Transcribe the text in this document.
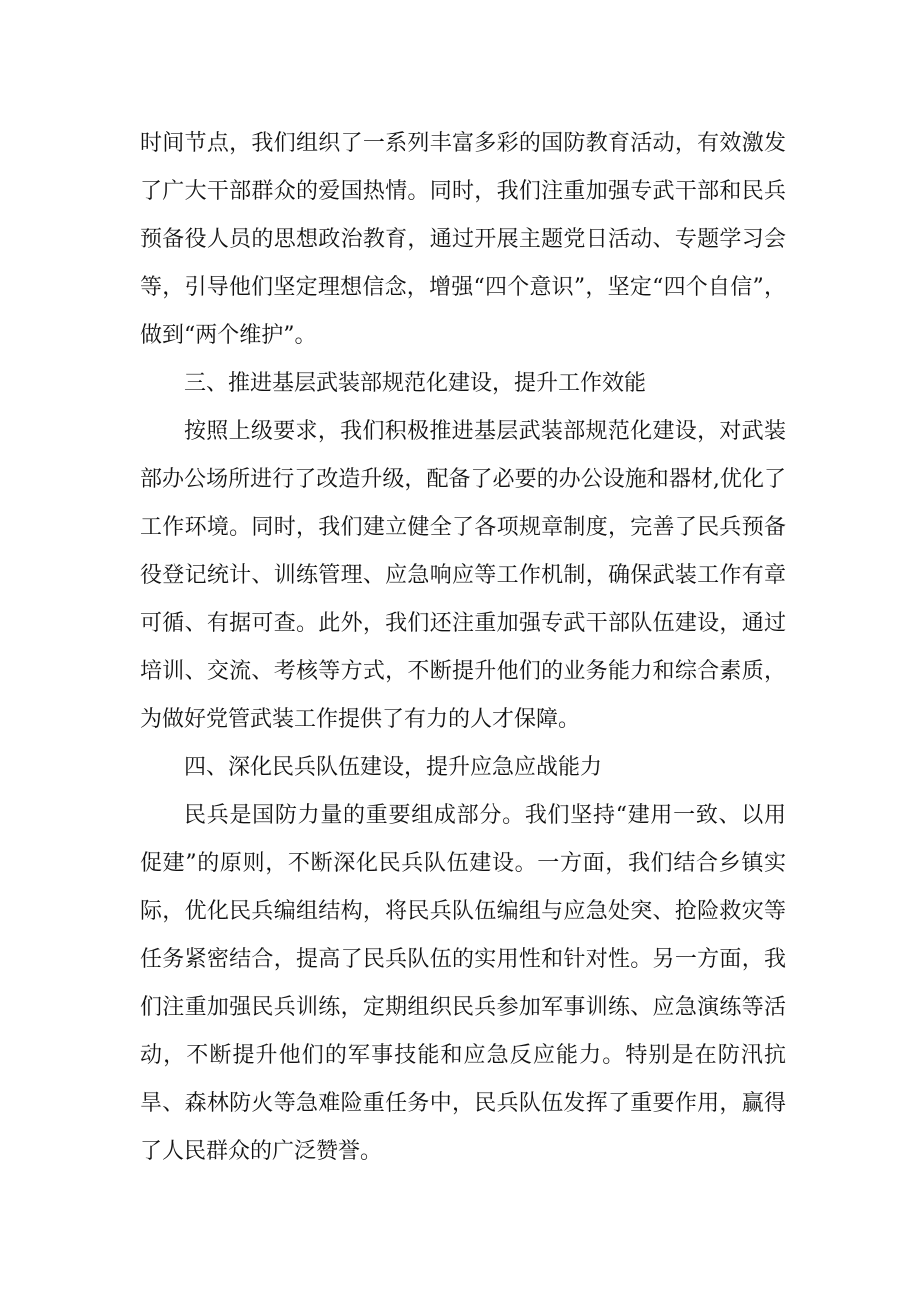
时间节点，我们组织了一系列丰富多彩的国防教育活动，有效激发了广大干部群众的爱国热情。同时，我们注重加强专武干部和民兵预备役人员的思想政治教育，通过开展主题党日活动、专题学习会等，引导他们坚定理想信念，增强“四个意识”，坚定“四个自信”，做到“两个维护”。

三、推进基层武装部规范化建设，提升工作效能

按照上级要求，我们积极推进基层武装部规范化建设，对武装部办公场所进行了改造升级，配备了必要的办公设施和器材,优化了工作环境。同时，我们建立健全了各项规章制度，完善了民兵预备役登记统计、训练管理、应急响应等工作机制，确保武装工作有章可循、有据可查。此外，我们还注重加强专武干部队伍建设，通过培训、交流、考核等方式，不断提升他们的业务能力和综合素质，为做好党管武装工作提供了有力的人才保障。

四、深化民兵队伍建设，提升应急应战能力

民兵是国防力量的重要组成部分。我们坚持“建用一致、以用促建”的原则，不断深化民兵队伍建设。一方面，我们结合乡镇实际，优化民兵编组结构，将民兵队伍编组与应急处突、抢险救灾等任务紧密结合，提高了民兵队伍的实用性和针对性。另一方面，我们注重加强民兵训练，定期组织民兵参加军事训练、应急演练等活动，不断提升他们的军事技能和应急反应能力。特别是在防汛抗旱、森林防火等急难险重任务中，民兵队伍发挥了重要作用，赢得了人民群众的广泛赞誉。
